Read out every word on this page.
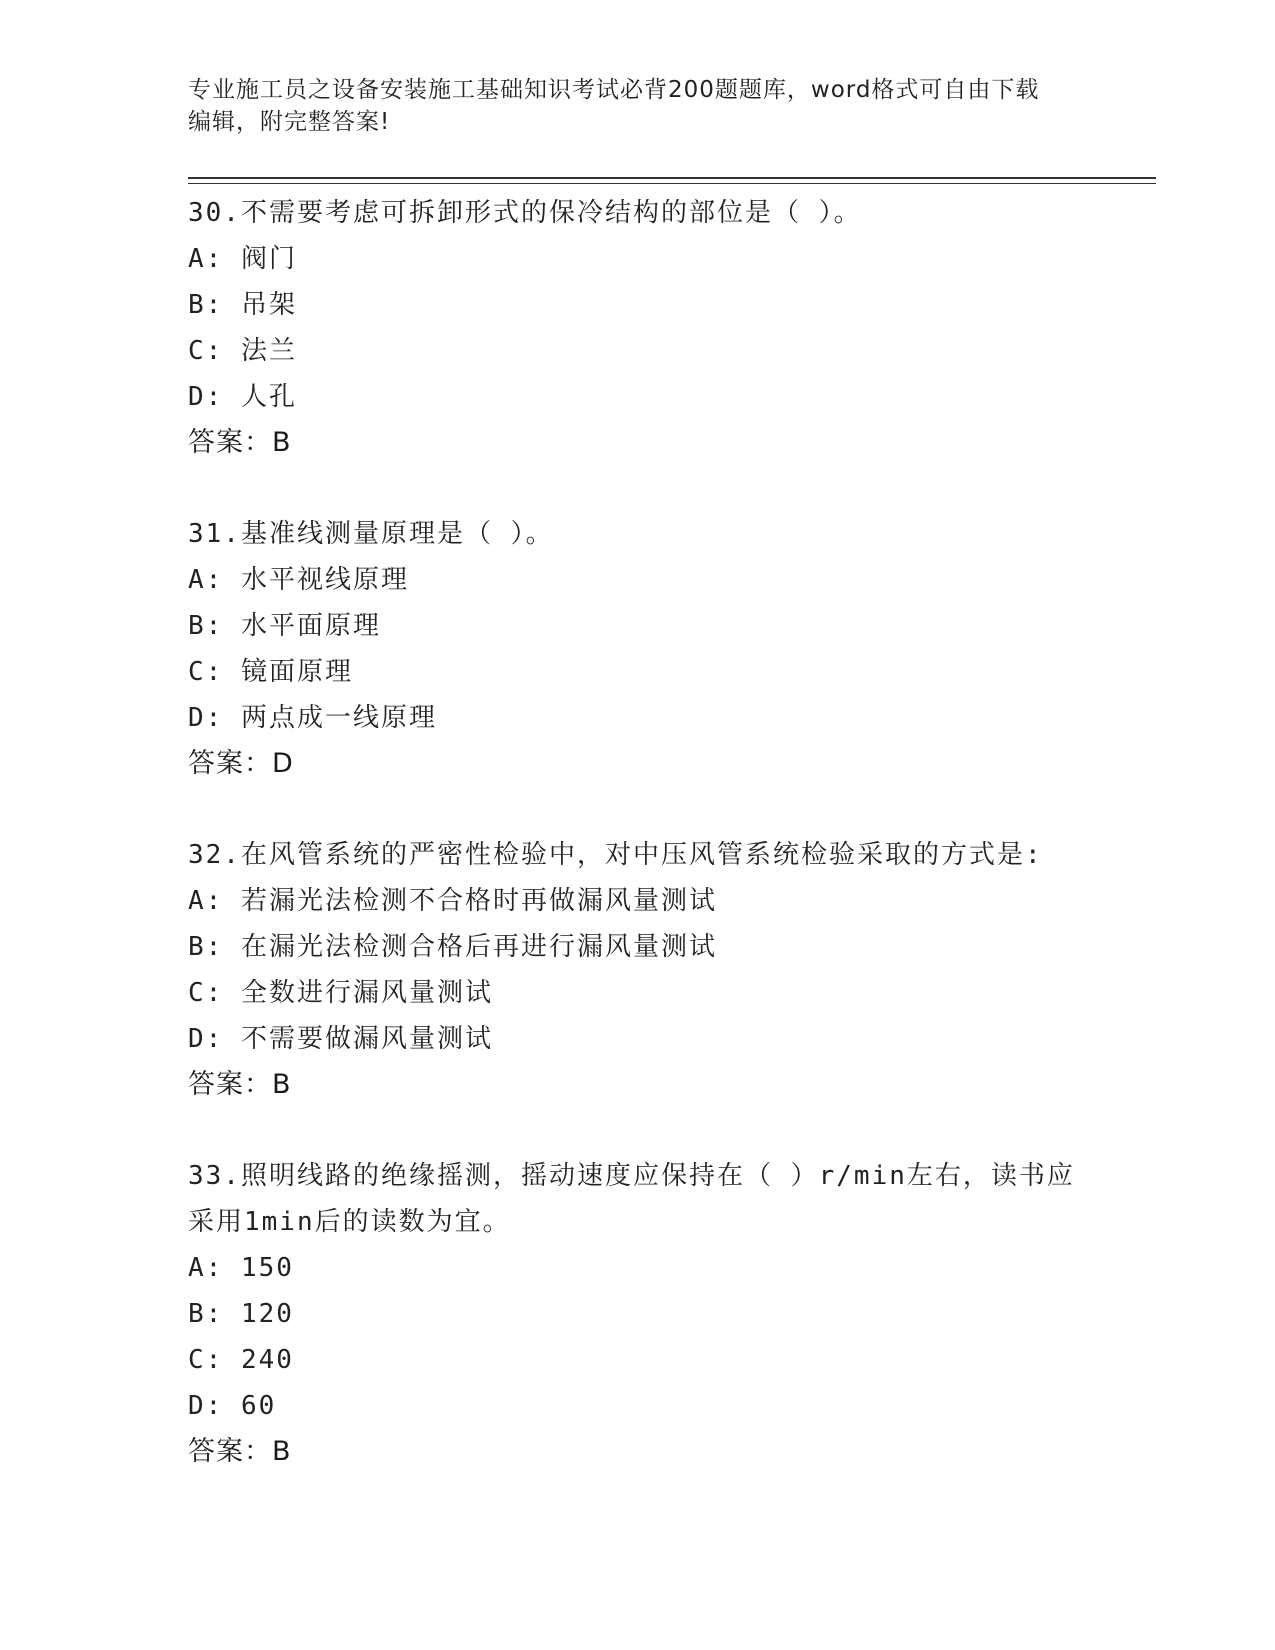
专业施工员之设备安装施工基础知识考试必背200题题库，word格式可自由下载
编辑，附完整答案!
30.不需要考虑可拆卸形式的保冷结构的部位是（ ）。
A: 阀门
B: 吊架
C: 法兰
D: 人孔
答案：B
31.基准线测量原理是（ ）。
A: 水平视线原理
B: 水平面原理
C: 镜面原理
D: 两点成一线原理
答案：D
32.在风管系统的严密性检验中，对中压风管系统检验采取的方式是:
A: 若漏光法检测不合格时再做漏风量测试
B: 在漏光法检测合格后再进行漏风量测试
C: 全数进行漏风量测试
D: 不需要做漏风量测试
答案：B
33.照明线路的绝缘摇测，摇动速度应保持在（ ）r/min左右，读书应
采用1min后的读数为宜。
A: 150
B: 120
C: 240
D: 60
答案：B
